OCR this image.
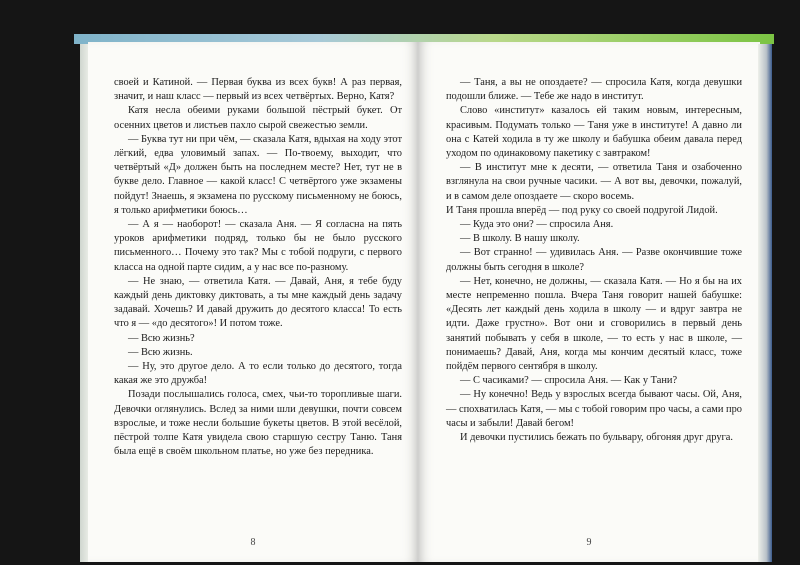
своей и Катиной. — Первая буква из всех букв! А раз первая, значит, и наш класс — первый из всех четвёртых. Верно, Катя?

Катя несла обеими руками большой пёстрый букет. От осенних цветов и листьев пахло сырой свежестью земли.

— Буква тут ни при чём, — сказала Катя, вдыхая на ходу этот лёгкий, едва уловимый запах. — По-твоему, выходит, что четвёртый «Д» должен быть на последнем месте? Нет, тут не в букве дело. Главное — какой класс! С четвёртого уже экзамены пойдут! Знаешь, я экзамена по русскому письменному не боюсь, я только арифметики боюсь…

— А я — наоборот! — сказала Аня. — Я согласна на пять уроков арифметики подряд, только бы не было русского письменного… Почему это так? Мы с тобой подруги, с первого класса на одной парте сидим, а у нас все по-разному.

— Не знаю, — ответила Катя. — Давай, Аня, я тебе буду каждый день диктовку диктовать, а ты мне каждый день задачу задавай. Хочешь? И давай дружить до десятого класса! То есть что я — «до десятого»! И потом тоже.

— Всю жизнь?

— Всю жизнь.

— Ну, это другое дело. А то если только до десятого, тогда какая же это дружба!

Позади послышались голоса, смех, чьи-то торопливые шаги. Девочки оглянулись. Вслед за ними шли девушки, почти совсем взрослые, и тоже несли большие букеты цветов. В этой весёлой, пёстрой толпе Катя увидела свою старшую сестру Таню. Таня была ещё в своём школьном платье, но уже без передника.

8

— Таня, а вы не опоздаете? — спросила Катя, когда девушки подошли ближе. — Тебе же надо в институт.

Слово «институт» казалось ей таким новым, интересным, красивым. Подумать только — Таня уже в институте! А давно ли она с Катей ходила в ту же школу и бабушка обеим давала перед уходом по одинаковому пакетику с завтраком!

— В институт мне к десяти, — ответила Таня и озабоченно взглянула на свои ручные часики. — А вот вы, девочки, пожалуй, и в самом деле опоздаете — скоро восемь.

И Таня прошла вперёд — под руку со своей подругой Лидой.

— Куда это они? — спросила Аня.

— В школу. В нашу школу.

— Вот странно! — удивилась Аня. — Разве окончившие тоже должны быть сегодня в школе?

— Нет, конечно, не должны, — сказала Катя. — Но я бы на их месте непременно пошла. Вчера Таня говорит нашей бабушке: «Десять лет каждый день ходила в школу — и вдруг завтра не идти. Даже грустно». Вот они и сговорились в первый день занятий побывать у себя в школе, — то есть у нас в школе, — понимаешь? Давай, Аня, когда мы кончим десятый класс, тоже пойдём первого сентября в школу.

— С часиками? — спросила Аня. — Как у Тани?

— Ну конечно! Ведь у взрослых всегда бывают часы. Ой, Аня, — спохватилась Катя, — мы с тобой говорим про часы, а сами про часы и забыли! Давай бегом!

И девочки пустились бежать по бульвару, обгоняя друг друга.

9
